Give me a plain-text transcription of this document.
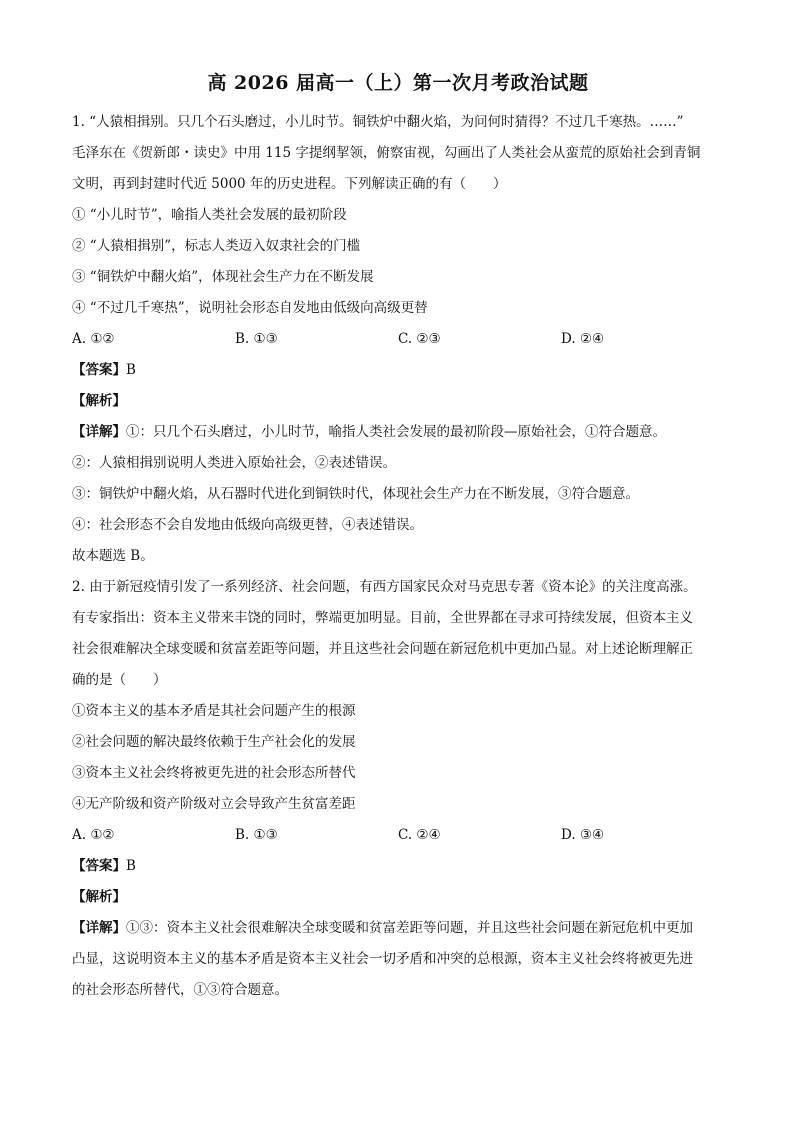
高 2026 届高一（上）第一次月考政治试题
1. “人猿相揖别。只几个石头磨过，小儿时节。铜铁炉中翻火焰，为问何时猜得？不过几千寒热。……”
毛泽东在《贺新郎・读史》中用 115 字提纲挈领，俯察宙视，勾画出了人类社会从蛮荒的原始社会到青铜
文明，再到封建时代近 5000 年的历史进程。下列解读正确的有（　　）
① “小儿时节”，喻指人类社会发展的最初阶段
② “人猿相揖别”，标志人类迈入奴隶社会的门槛
③ “铜铁炉中翻火焰”，体现社会生产力在不断发展
④ “不过几千寒热”，说明社会形态自发地由低级向高级更替
A. ①②	B. ①③	C. ②③	D. ②④
【答案】B
【解析】
【详解】①：只几个石头磨过，小儿时节，喻指人类社会发展的最初阶段—原始社会，①符合题意。
②：人猿相揖别说明人类进入原始社会，②表述错误。
③：铜铁炉中翻火焰，从石器时代进化到铜铁时代，体现社会生产力在不断发展，③符合题意。
④：社会形态不会自发地由低级向高级更替，④表述错误。
故本题选 B。
2. 由于新冠疫情引发了一系列经济、社会问题，有西方国家民众对马克思专著《资本论》的关注度高涨。
有专家指出：资本主义带来丰饶的同时，弊端更加明显。目前，全世界都在寻求可持续发展，但资本主义
社会很难解决全球变暖和贫富差距等问题，并且这些社会问题在新冠危机中更加凸显。对上述论断理解正
确的是（　　）
①资本主义的基本矛盾是其社会问题产生的根源
②社会问题的解决最终依赖于生产社会化的发展
③资本主义社会终将被更先进的社会形态所替代
④无产阶级和资产阶级对立会导致产生贫富差距
A. ①②	B. ①③	C. ②④	D. ③④
【答案】B
【解析】
【详解】①③：资本主义社会很难解决全球变暖和贫富差距等问题，并且这些社会问题在新冠危机中更加
凸显，这说明资本主义的基本矛盾是资本主义社会一切矛盾和冲突的总根源，资本主义社会终将被更先进
的社会形态所替代，①③符合题意。
